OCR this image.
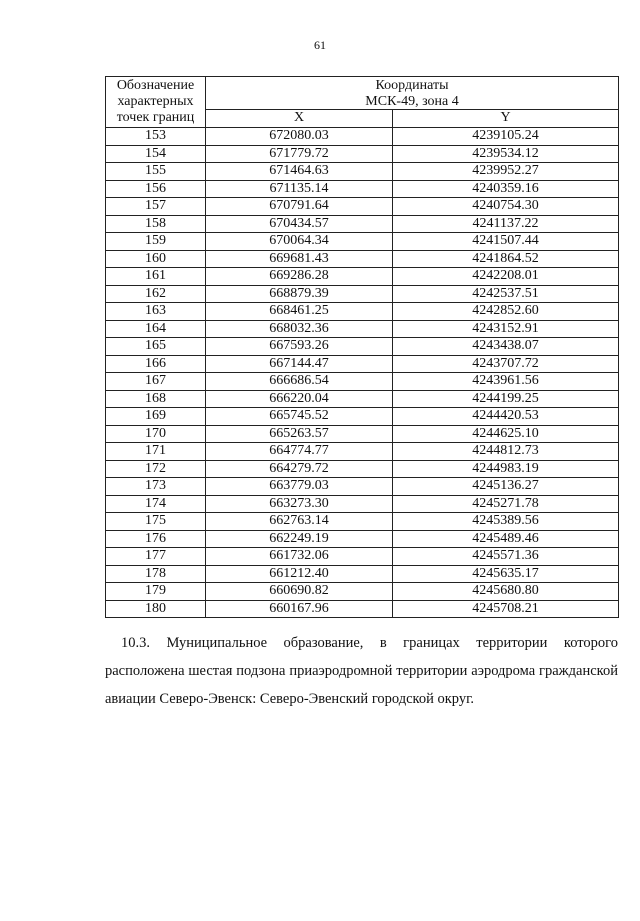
61
Обозначение характерных точек границ	Координаты
МСК-49, зона 4	

	X	Y
153	672080.03	4239105.24
154	671779.72	4239534.12
155	671464.63	4239952.27
156	671135.14	4240359.16
157	670791.64	4240754.30
158	670434.57	4241137.22
159	670064.34	4241507.44
160	669681.43	4241864.52
161	669286.28	4242208.01
162	668879.39	4242537.51
163	668461.25	4242852.60
164	668032.36	4243152.91
165	667593.26	4243438.07
166	667144.47	4243707.72
167	666686.54	4243961.56
168	666220.04	4244199.25
169	665745.52	4244420.53
170	665263.57	4244625.10
171	664774.77	4244812.73
172	664279.72	4244983.19
173	663779.03	4245136.27
174	663273.30	4245271.78
175	662763.14	4245389.56
176	662249.19	4245489.46
177	661732.06	4245571.36
178	661212.40	4245635.17
179	660690.82	4245680.80
180	660167.96	4245708.21
10.3. Муниципальное образование, в границах территории которого расположена шестая подзона приаэродромной территории аэродрома гражданской авиации Северо-Эвенск: Северо-Эвенский городской округ.
